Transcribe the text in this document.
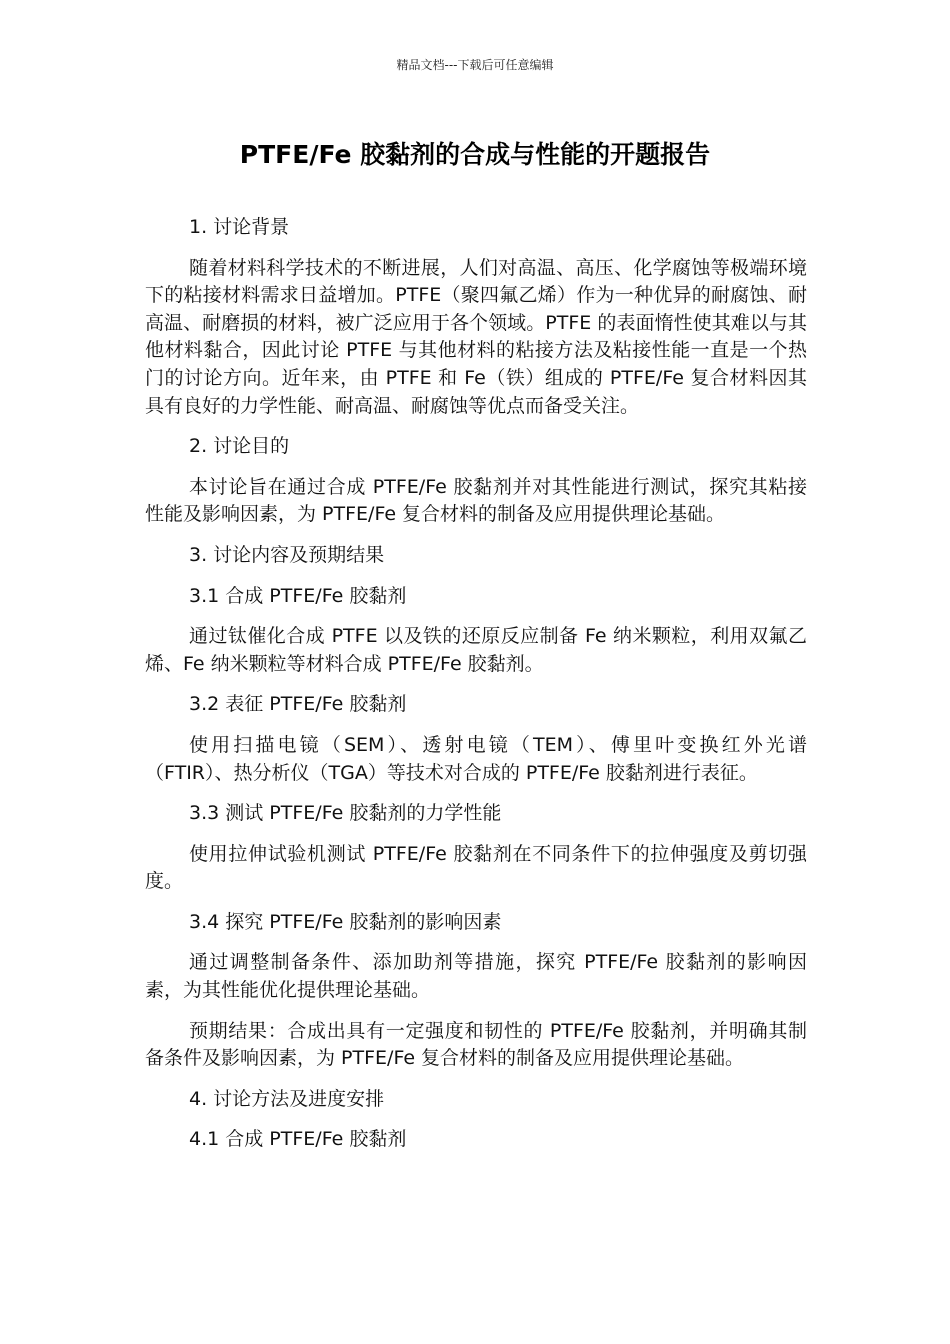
精品文档---下载后可任意编辑
PTFE/Fe 胶黏剂的合成与性能的开题报告

1. 讨论背景

随着材料科学技术的不断进展，人们对高温、高压、化学腐蚀等极端环境下的粘接材料需求日益增加。PTFE（聚四氟乙烯）作为一种优异的耐腐蚀、耐高温、耐磨损的材料，被广泛应用于各个领域。PTFE 的表面惰性使其难以与其他材料黏合，因此讨论 PTFE 与其他材料的粘接方法及粘接性能一直是一个热门的讨论方向。近年来，由 PTFE 和 Fe（铁）组成的 PTFE/Fe 复合材料因其具有良好的力学性能、耐高温、耐腐蚀等优点而备受关注。

2. 讨论目的

本讨论旨在通过合成 PTFE/Fe 胶黏剂并对其性能进行测试，探究其粘接性能及影响因素，为 PTFE/Fe 复合材料的制备及应用提供理论基础。

3. 讨论内容及预期结果

3.1 合成 PTFE/Fe 胶黏剂

通过钛催化合成 PTFE 以及铁的还原反应制备 Fe 纳米颗粒，利用双氟乙烯、Fe 纳米颗粒等材料合成 PTFE/Fe 胶黏剂。

3.2 表征 PTFE/Fe 胶黏剂

使用扫描电镜（SEM）、透射电镜（TEM）、傅里叶变换红外光谱（FTIR）、热分析仪（TGA）等技术对合成的 PTFE/Fe 胶黏剂进行表征。

3.3 测试 PTFE/Fe 胶黏剂的力学性能

使用拉伸试验机测试 PTFE/Fe 胶黏剂在不同条件下的拉伸强度及剪切强度。

3.4 探究 PTFE/Fe 胶黏剂的影响因素

通过调整制备条件、添加助剂等措施，探究 PTFE/Fe 胶黏剂的影响因素，为其性能优化提供理论基础。

预期结果：合成出具有一定强度和韧性的 PTFE/Fe 胶黏剂，并明确其制备条件及影响因素，为 PTFE/Fe 复合材料的制备及应用提供理论基础。

4. 讨论方法及进度安排

4.1 合成 PTFE/Fe 胶黏剂
